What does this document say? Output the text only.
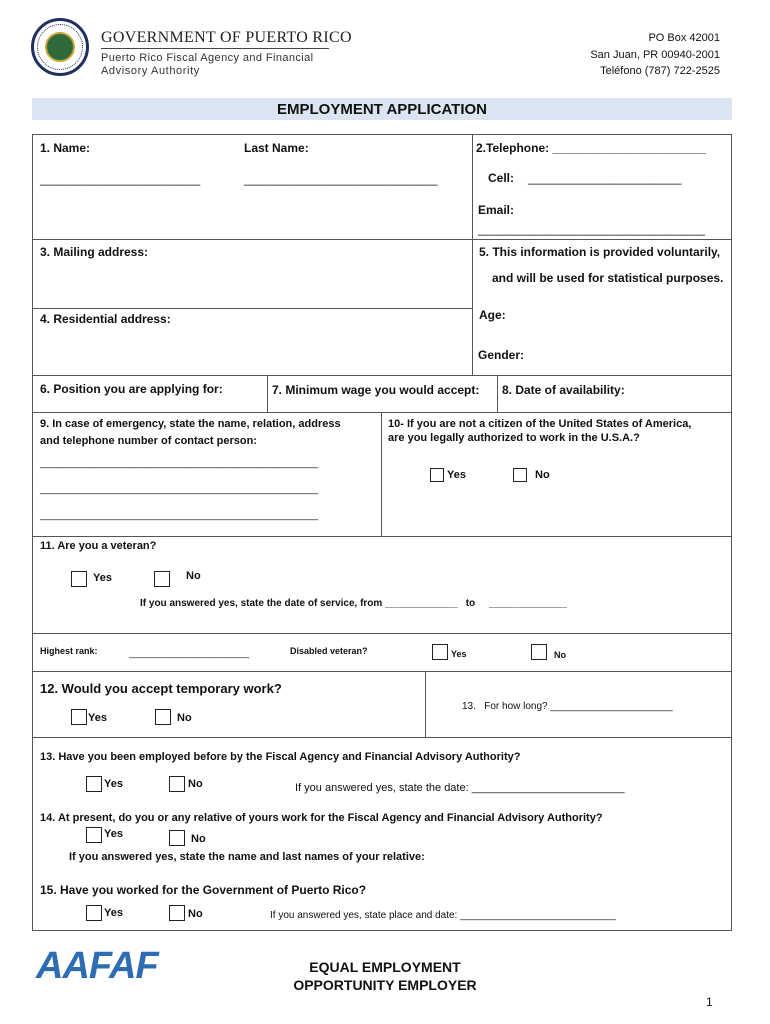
GOVERNMENT OF PUERTO RICO
Puerto Rico Fiscal Agency and Financial
Advisory Authority
PO Box 42001
San Juan, PR 00940-2001
Teléfono (787) 722-2525
EMPLOYMENT APPLICATION
1. Name:	Last Name:
________________________	_____________________________
2.Telephone: _______________________
Cell: _______________________
Email:
__________________________________
3. Mailing address:	5. This information is provided voluntarily,
and will be used for statistical purposes.
4. Residential address:	Age:
Gender:
6. Position you are applying for:	7. Minimum wage you would accept: 8. Date of availability:
9. In case of emergency, state the name, relation, address
and telephone number of contact person:
__________________________________________________
__________________________________________________
__________________________________________________
10- If you are not a citizen of the United States of America,
are you legally authorized to work in the U.S.A.?
Yes	No
11. Are you a veteran?
Yes	No
If you answered yes, state the date of service, from _____________   to     ______________
Highest rank:	________________________	Disabled veteran?	Yes	No
12. Would you accept temporary work?
Yes	No
13.   For how long? ______________________
13. Have you been employed before by the Fiscal Agency and Financial Advisory Authority?
Yes	No	If you answered yes, state the date: _________________________
14. At present, do you or any relative of yours work for the Fiscal Agency and Financial Advisory Authority?
Yes	No
If you answered yes, state the name and last names of your relative:
15. Have you worked for the Government of Puerto Rico?
Yes	No	If you answered yes, state place and date: ____________________________
AAFAF	EQUAL EMPLOYMENT
OPPORTUNITY EMPLOYER
1
